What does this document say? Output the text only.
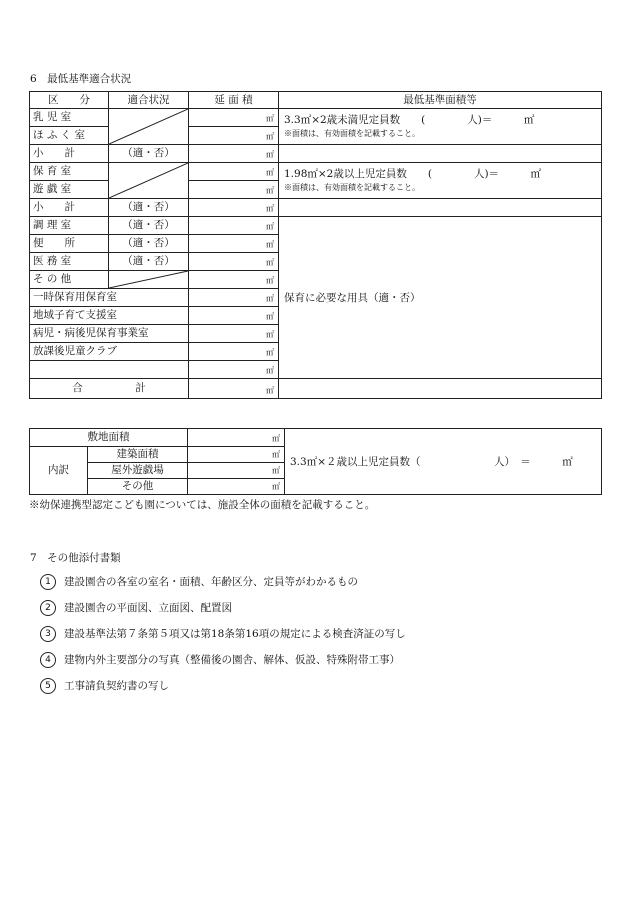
6　最低基準適合状況
区　　分	適合状況	延 面 積	最低基準面積等
乳 児 室		㎡	3.3㎡×2歳未満児定員数　　(　　　　人)＝　　　㎡
※面積は、有効面積を記載すること。

ほ ふ く 室		㎡	
小　　計	（適・否）	㎡	
保 育 室		㎡	1.98㎡×2歳以上児定員数　　(　　　　人)＝　　　㎡
※面積は、有効面積を記載すること。

遊 戯 室		㎡	
小　　計	（適・否）	㎡	
調 理 室	（適・否）	㎡	保育に必要な用具（適・否）

便　　所	（適・否）	㎡	
医 務 室	（適・否）	㎡	
そ の 他		㎡	
一時保育用保育室		㎡	
地域子育て支援室		㎡	
病児・病後児保育事業室		㎡	
放課後児童クラブ		㎡	
		㎡	
合　　　　　計		㎡	
敷地面積		㎡	3.3㎡×２歳以上児定員数（　　　　　　　人）　＝　　　㎡

内訳	建築面積	㎡	
	屋外遊戯場	㎡	
	その他	㎡	
※幼保連携型認定こども園については、施設全体の面積を記載すること。
7　その他添付書類
1 建設園舎の各室の室名・面積、年齢区分、定員等がわかるもの
2 建設園舎の平面図、立面図、配置図
3 建設基準法第７条第５項又は第18条第16項の規定による検査済証の写し
4 建物内外主要部分の写真（整備後の園舎、解体、仮設、特殊附帯工事）
5 工事請負契約書の写し
